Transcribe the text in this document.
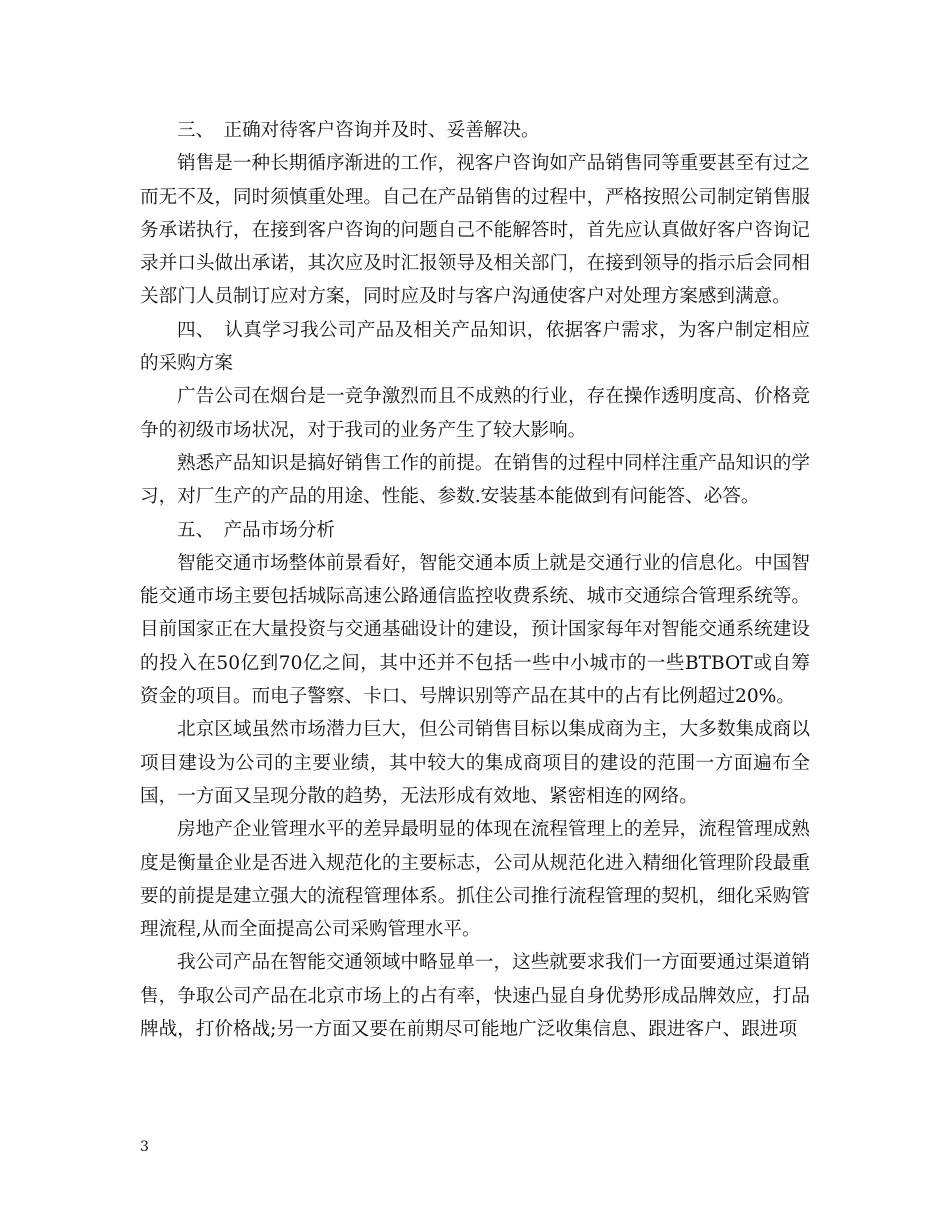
三、　正确对待客户咨询并及时、妥善解决。

销售是一种长期循序渐进的工作，视客户咨询如产品销售同等重要甚至有过之而无不及，同时须慎重处理。自己在产品销售的过程中，严格按照公司制定销售服务承诺执行，在接到客户咨询的问题自己不能解答时，首先应认真做好客户咨询记录并口头做出承诺，其次应及时汇报领导及相关部门，在接到领导的指示后会同相关部门人员制订应对方案，同时应及时与客户沟通使客户对处理方案感到满意。

四、　认真学习我公司产品及相关产品知识，依据客户需求，为客户制定相应的采购方案

广告公司在烟台是一竞争激烈而且不成熟的行业，存在操作透明度高、价格竞争的初级市场状况，对于我司的业务产生了较大影响。

熟悉产品知识是搞好销售工作的前提。在销售的过程中同样注重产品知识的学习，对厂生产的产品的用途、性能、参数.安装基本能做到有问能答、必答。

五、　产品市场分析

智能交通市场整体前景看好，智能交通本质上就是交通行业的信息化。中国智能交通市场主要包括城际高速公路通信监控收费系统、城市交通综合管理系统等。目前国家正在大量投资与交通基础设计的建设，预计国家每年对智能交通系统建设的投入在50亿到70亿之间，其中还并不包括一些中小城市的一些BTBOT或自筹资金的项目。而电子警察、卡口、号牌识别等产品在其中的占有比例超过20%。

北京区域虽然市场潜力巨大，但公司销售目标以集成商为主，大多数集成商以项目建设为公司的主要业绩，其中较大的集成商项目的建设的范围一方面遍布全国，一方面又呈现分散的趋势，无法形成有效地、紧密相连的网络。

房地产企业管理水平的差异最明显的体现在流程管理上的差异，流程管理成熟度是衡量企业是否进入规范化的主要标志，公司从规范化进入精细化管理阶段最重要的前提是建立强大的流程管理体系。抓住公司推行流程管理的契机，细化采购管理流程,从而全面提高公司采购管理水平。

我公司产品在智能交通领域中略显单一，这些就要求我们一方面要通过渠道销售，争取公司产品在北京市场上的占有率，快速凸显自身优势形成品牌效应，打品牌战，打价格战;另一方面又要在前期尽可能地广泛收集信息、跟进客户、跟进项

3
